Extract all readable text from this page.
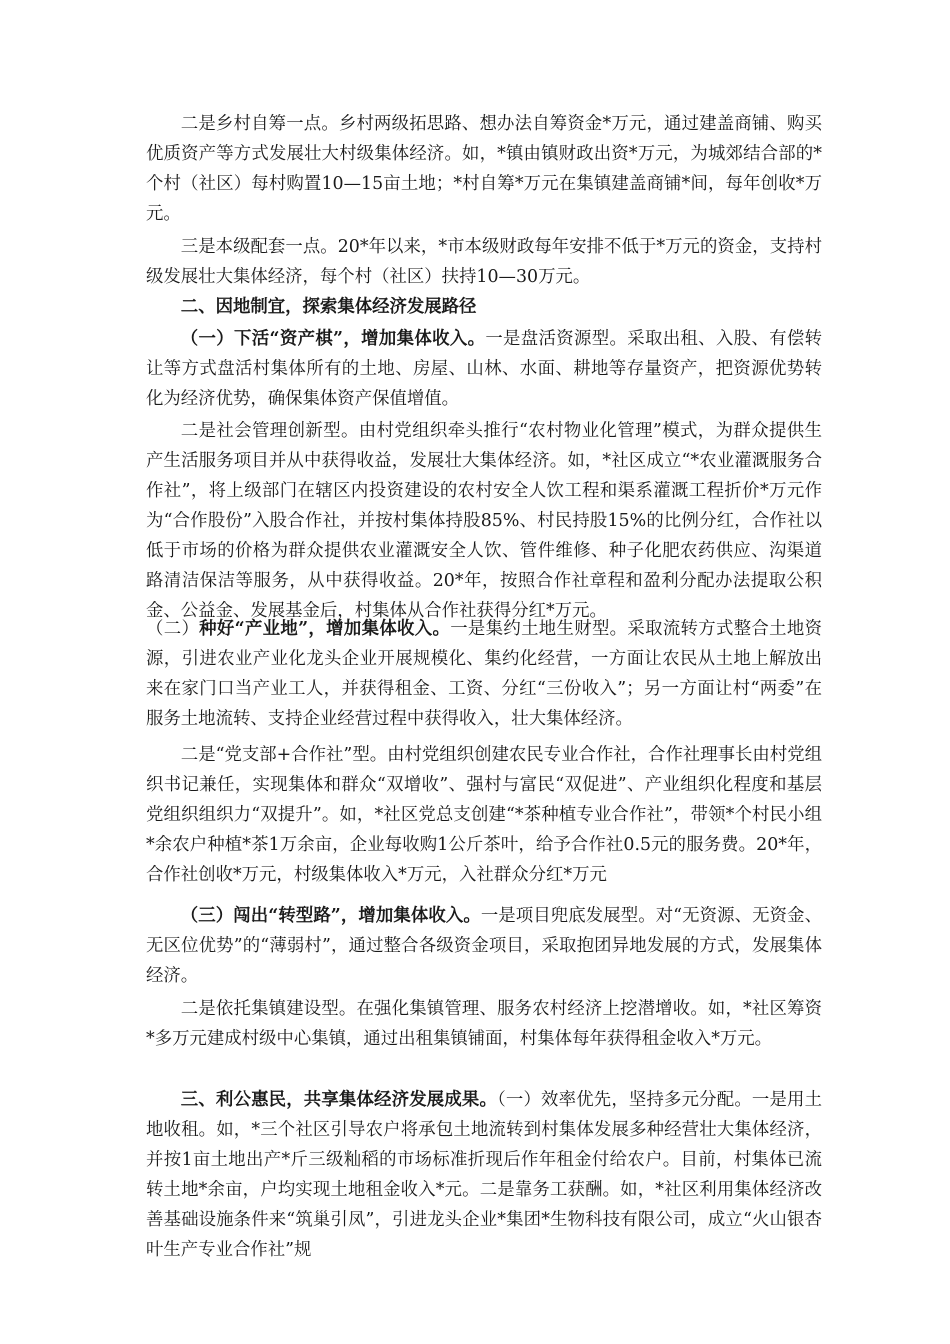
二是乡村自筹一点。乡村两级拓思路、想办法自筹资金*万元，通过建盖商铺、购买优质资产等方式发展壮大村级集体经济。如，*镇由镇财政出资*万元，为城郊结合部的*个村（社区）每村购置10—15亩土地；*村自筹*万元在集镇建盖商铺*间，每年创收*万元。

三是本级配套一点。20*年以来，*市本级财政每年安排不低于*万元的资金，支持村级发展壮大集体经济，每个村（社区）扶持10—30万元。

二、因地制宜，探索集体经济发展路径

（一）下活“资产棋”，增加集体收入。一是盘活资源型。采取出租、入股、有偿转让等方式盘活村集体所有的土地、房屋、山林、水面、耕地等存量资产，把资源优势转化为经济优势，确保集体资产保值增值。

二是社会管理创新型。由村党组织牵头推行“农村物业化管理”模式，为群众提供生产生活服务项目并从中获得收益，发展壮大集体经济。如，*社区成立“*农业灌溉服务合作社”，将上级部门在辖区内投资建设的农村安全人饮工程和渠系灌溉工程折价*万元作为“合作股份”入股合作社，并按村集体持股85%、村民持股15%的比例分红，合作社以低于市场的价格为群众提供农业灌溉安全人饮、管件维修、种子化肥农药供应、沟渠道路清洁保洁等服务，从中获得收益。20*年，按照合作社章程和盈利分配办法提取公积金、公益金、发展基金后，村集体从合作社获得分红*万元。

（二）种好“产业地”，增加集体收入。一是集约土地生财型。采取流转方式整合土地资源，引进农业产业化龙头企业开展规模化、集约化经营，一方面让农民从土地上解放出来在家门口当产业工人，并获得租金、工资、分红“三份收入”；另一方面让村“两委”在服务土地流转、支持企业经营过程中获得收入，壮大集体经济。

二是“党支部+合作社”型。由村党组织创建农民专业合作社，合作社理事长由村党组织书记兼任，实现集体和群众“双增收”、强村与富民“双促进”、产业组织化程度和基层党组织组织力“双提升”。如，*社区党总支创建“*茶种植专业合作社”，带领*个村民小组*余农户种植*茶1万余亩，企业每收购1公斤茶叶，给予合作社0.5元的服务费。20*年，合作社创收*万元，村级集体收入*万元，入社群众分红*万元

（三）闯出“转型路”，增加集体收入。一是项目兜底发展型。对“无资源、无资金、无区位优势”的“薄弱村”，通过整合各级资金项目，采取抱团异地发展的方式，发展集体经济。

二是依托集镇建设型。在强化集镇管理、服务农村经济上挖潜增收。如，*社区筹资*多万元建成村级中心集镇，通过出租集镇铺面，村集体每年获得租金收入*万元。

三、利公惠民，共享集体经济发展成果。（一）效率优先，坚持多元分配。一是用土地收租。如，*三个社区引导农户将承包土地流转到村集体发展多种经营壮大集体经济，并按1亩土地出产*斤三级籼稻的市场标准折现后作年租金付给农户。目前，村集体已流转土地*余亩，户均实现土地租金收入*元。二是靠务工获酬。如，*社区利用集体经济改善基础设施条件来“筑巢引凤”，引进龙头企业*集团*生物科技有限公司，成立“火山银杏叶生产专业合作社”规
